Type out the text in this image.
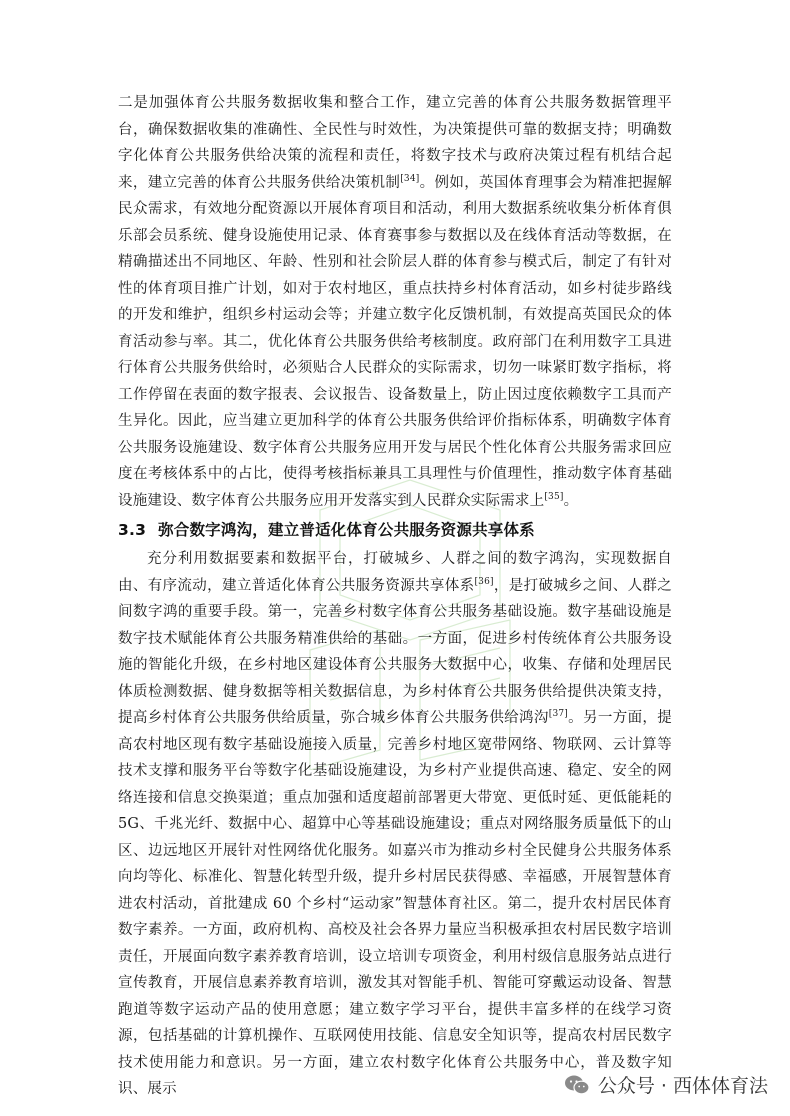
二是加强体育公共服务数据收集和整合工作，建立完善的体育公共服务数据管理平台，确保数据收集的准确性、全民性与时效性，为决策提供可靠的数据支持；明确数字化体育公共服务供给决策的流程和责任，将数字技术与政府决策过程有机结合起来，建立完善的体育公共服务供给决策机制[34]。例如，英国体育理事会为精准把握解民众需求，有效地分配资源以开展体育项目和活动，利用大数据系统收集分析体育俱乐部会员系统、健身设施使用记录、体育赛事参与数据以及在线体育活动等数据，在精确描述出不同地区、年龄、性别和社会阶层人群的体育参与模式后，制定了有针对性的体育项目推广计划，如对于农村地区，重点扶持乡村体育活动，如乡村徒步路线的开发和维护，组织乡村运动会等；并建立数字化反馈机制，有效提高英国民众的体育活动参与率。其二，优化体育公共服务供给考核制度。政府部门在利用数字工具进行体育公共服务供给时，必须贴合人民群众的实际需求，切勿一味紧盯数字指标，将工作停留在表面的数字报表、会议报告、设备数量上，防止因过度依赖数字工具而产生异化。因此，应当建立更加科学的体育公共服务供给评价指标体系，明确数字体育公共服务设施建设、数字体育公共服务应用开发与居民个性化体育公共服务需求回应度在考核体系中的占比，使得考核指标兼具工具理性与价值理性，推动数字体育基础设施建设、数字体育公共服务应用开发落实到人民群众实际需求上[35]。

3.3 弥合数字鸿沟，建立普适化体育公共服务资源共享体系

充分利用数据要素和数据平台，打破城乡、人群之间的数字鸿沟，实现数据自由、有序流动，建立普适化体育公共服务资源共享体系[36]，是打破城乡之间、人群之间数字鸿的重要手段。第一，完善乡村数字体育公共服务基础设施。数字基础设施是数字技术赋能体育公共服务精准供给的基础。一方面，促进乡村传统体育公共服务设施的智能化升级，在乡村地区建设体育公共服务大数据中心，收集、存储和处理居民体质检测数据、健身数据等相关数据信息，为乡村体育公共服务供给提供决策支持，提高乡村体育公共服务供给质量，弥合城乡体育公共服务供给鸿沟[37]。另一方面，提高农村地区现有数字基础设施接入质量，完善乡村地区宽带网络、物联网、云计算等技术支撑和服务平台等数字化基础设施建设，为乡村产业提供高速、稳定、安全的网络连接和信息交换渠道；重点加强和适度超前部署更大带宽、更低时延、更低能耗的 5G、千兆光纤、数据中心、超算中心等基础设施建设；重点对网络服务质量低下的山区、边远地区开展针对性网络优化服务。如嘉兴市为推动乡村全民健身公共服务体系向均等化、标准化、智慧化转型升级，提升乡村居民获得感、幸福感，开展智慧体育进农村活动，首批建成 60 个乡村“运动家”智慧体育社区。第二，提升农村居民体育数字素养。一方面，政府机构、高校及社会各界力量应当积极承担农村居民数字培训责任，开展面向数字素养教育培训，设立培训专项资金，利用村级信息服务站点进行宣传教育，开展信息素养教育培训，激发其对智能手机、智能可穿戴运动设备、智慧跑道等数字运动产品的使用意愿；建立数字学习平台，提供丰富多样的在线学习资源，包括基础的计算机操作、互联网使用技能、信息安全知识等，提高农村居民数字技术使用能力和意识。另一方面，建立农村数字化体育公共服务中心，普及数字知识、展示	公众号 · 西体体育法
